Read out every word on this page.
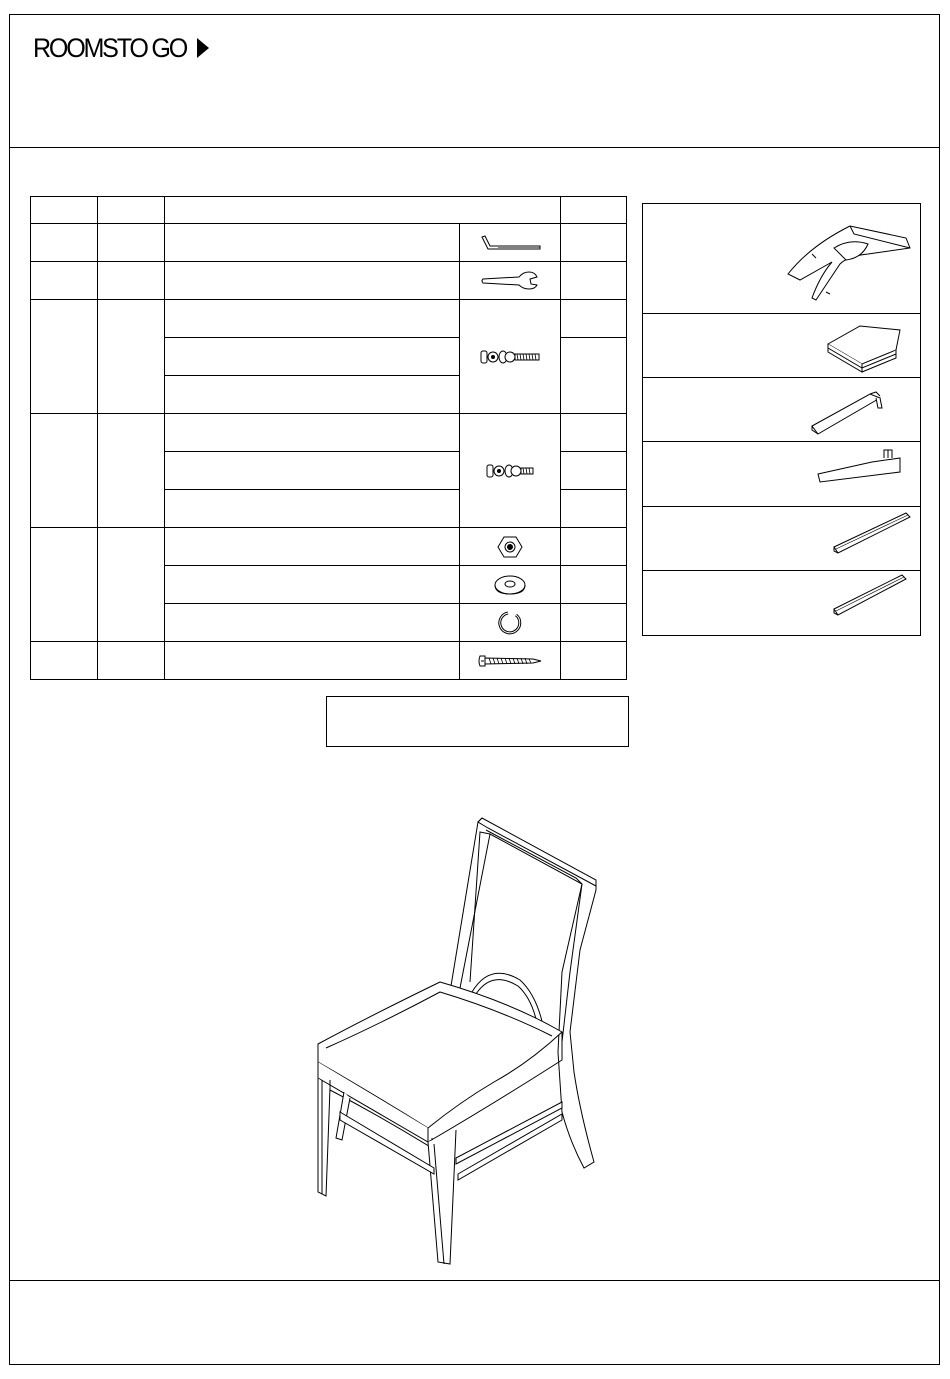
ROOMSTO GO
